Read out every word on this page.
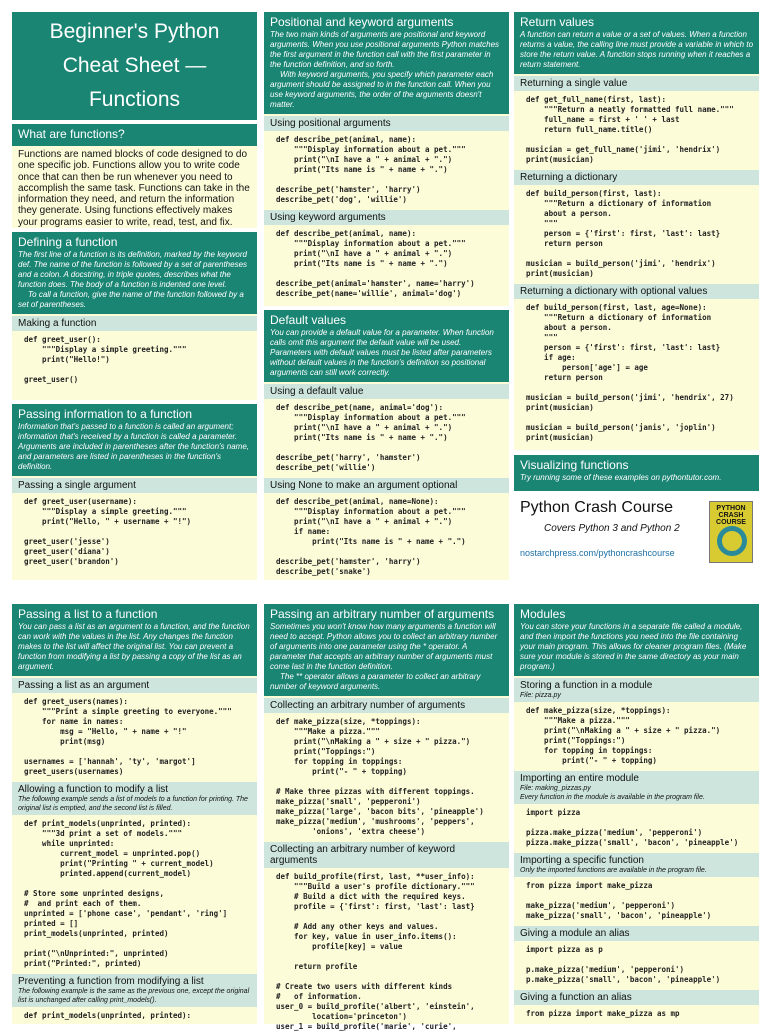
Beginner's Python
Cheat Sheet —
Functions
What are functions?
Functions are named blocks of code designed to do one specific job. Functions allow you to write code once that can then be run whenever you need to accomplish the same task. Functions can take in the information they need, and return the information they generate. Using functions effectively makes your programs easier to write, read, test, and fix.
Defining a function

The first line of a function is its definition, marked by the keyword def. The name of the function is followed by a set of parentheses and a colon. A docstring, in triple quotes, describes what the function does. The body of a function is indented one level.

To call a function, give the name of the function followed by a set of parentheses.

Making a function
def greet_user():
"""Display a simple greeting."""
print("Hello!")

greet_user()
Passing information to a function

Information that's passed to a function is called an argument; information that's received by a function is called a parameter. Arguments are included in parentheses after the function's name, and parameters are listed in parentheses in the function's definition.

Passing a single argument
def greet_user(username):
"""Display a simple greeting."""
print("Hello, " + username + "!")

greet_user('jesse')
greet_user('diana')
greet_user('brandon')
Positional and keyword arguments

The two main kinds of arguments are positional and keyword arguments. When you use positional arguments Python matches the first argument in the function call with the first parameter in the function definition, and so forth.

With keyword arguments, you specify which parameter each argument should be assigned to in the function call. When you use keyword arguments, the order of the arguments doesn't matter.

Using positional arguments
def describe_pet(animal, name):
"""Display information about a pet."""
print("\nI have a " + animal + ".")
print("Its name is " + name + ".")

describe_pet('hamster', 'harry')
describe_pet('dog', 'willie')
Using keyword arguments
def describe_pet(animal, name):
"""Display information about a pet."""
print("\nI have a " + animal + ".")
print("Its name is " + name + ".")

describe_pet(animal='hamster', name='harry')
describe_pet(name='willie', animal='dog')
Default values

You can provide a default value for a parameter. When function calls omit this argument the default value will be used. Parameters with default values must be listed after parameters without default values in the function's definition so positional arguments can still work correctly.

Using a default value
def describe_pet(name, animal='dog'):
"""Display information about a pet."""
print("\nI have a " + animal + ".")
print("Its name is " + name + ".")

describe_pet('harry', 'hamster')
describe_pet('willie')
Using None to make an argument optional
def describe_pet(animal, name=None):
"""Display information about a pet."""
print("\nI have a " + animal + ".")
if name:
print("Its name is " + name + ".")

describe_pet('hamster', 'harry')
describe_pet('snake')
Return values

A function can return a value or a set of values. When a function returns a value, the calling line must provide a variable in which to store the return value. A function stops running when it reaches a return statement.

Returning a single value
def get_full_name(first, last):
"""Return a neatly formatted full name."""
full_name = first + ' ' + last
return full_name.title()

musician = get_full_name('jimi', 'hendrix')
print(musician)
Returning a dictionary
def build_person(first, last):
"""Return a dictionary of information
about a person.
"""
person = {'first': first, 'last': last}
return person

musician = build_person('jimi', 'hendrix')
print(musician)
Returning a dictionary with optional values
def build_person(first, last, age=None):
"""Return a dictionary of information
about a person.
"""
person = {'first': first, 'last': last}
if age:
person['age'] = age
return person

musician = build_person('jimi', 'hendrix', 27)
print(musician)

musician = build_person('janis', 'joplin')
print(musician)
Visualizing functions

Try running some of these examples on pythontutor.com.

Python Crash Course
Covers Python 3 and Python 2
nostarchpress.com/pythoncrashcourse
PYTHON CRASH COURSE
Passing a list to a function

You can pass a list as an argument to a function, and the function can work with the values in the list. Any changes the function makes to the list will affect the original list. You can prevent a function from modifying a list by passing a copy of the list as an argument.

Passing a list as an argument
def greet_users(names):
"""Print a simple greeting to everyone."""
for name in names:
msg = "Hello, " + name + "!"
print(msg)

usernames = ['hannah', 'ty', 'margot']
greet_users(usernames)
Allowing a function to modify a list
The following example sends a list of models to a function for printing. The original list is emptied, and the second list is filled.
def print_models(unprinted, printed):
"""3d print a set of models."""
while unprinted:
current_model = unprinted.pop()
print("Printing " + current_model)
printed.append(current_model)

# Store some unprinted designs,
#  and print each of them.
unprinted = ['phone case', 'pendant', 'ring']
printed = []
print_models(unprinted, printed)

print("\nUnprinted:", unprinted)
print("Printed:", printed)
Preventing a function from modifying a list
The following example is the same as the previous one, except the original list is unchanged after calling print_models().
def print_models(unprinted, printed):
Passing an arbitrary number of arguments

Sometimes you won't know how many arguments a function will need to accept. Python allows you to collect an arbitrary number of arguments into one parameter using the * operator. A parameter that accepts an arbitrary number of arguments must come last in the function definition.

The ** operator allows a parameter to collect an arbitrary number of keyword arguments.

Collecting an arbitrary number of arguments
def make_pizza(size, *toppings):
"""Make a pizza."""
print("\nMaking a " + size + " pizza.")
print("Toppings:")
for topping in toppings:
print("- " + topping)

# Make three pizzas with different toppings.
make_pizza('small', 'pepperoni')
make_pizza('large', 'bacon bits', 'pineapple')
make_pizza('medium', 'mushrooms', 'peppers',
'onions', 'extra cheese')
Collecting an arbitrary number of keyword arguments
def build_profile(first, last, **user_info):
"""Build a user's profile dictionary."""
# Build a dict with the required keys.
profile = {'first': first, 'last': last}

# Add any other keys and values.
for key, value in user_info.items():
profile[key] = value

return profile

# Create two users with different kinds
#   of information.
user_0 = build_profile('albert', 'einstein',
location='princeton')
user_1 = build_profile('marie', 'curie',
Modules

You can store your functions in a separate file called a module, and then import the functions you need into the file containing your main program. This allows for cleaner program files. (Make sure your module is stored in the same directory as your main program.)

Storing a function in a module
File: pizza.py
def make_pizza(size, *toppings):
"""Make a pizza."""
print("\nMaking a " + size + " pizza.")
print("Toppings:")
for topping in toppings:
print("- " + topping)
Importing an entire module
File: making_pizzas.py
Every function in the module is available in the program file.
import pizza

pizza.make_pizza('medium', 'pepperoni')
pizza.make_pizza('small', 'bacon', 'pineapple')
Importing a specific function
Only the imported functions are available in the program file.
from pizza import make_pizza

make_pizza('medium', 'pepperoni')
make_pizza('small', 'bacon', 'pineapple')
Giving a module an alias
import pizza as p

p.make_pizza('medium', 'pepperoni')
p.make_pizza('small', 'bacon', 'pineapple')
Giving a function an alias
from pizza import make_pizza as mp
